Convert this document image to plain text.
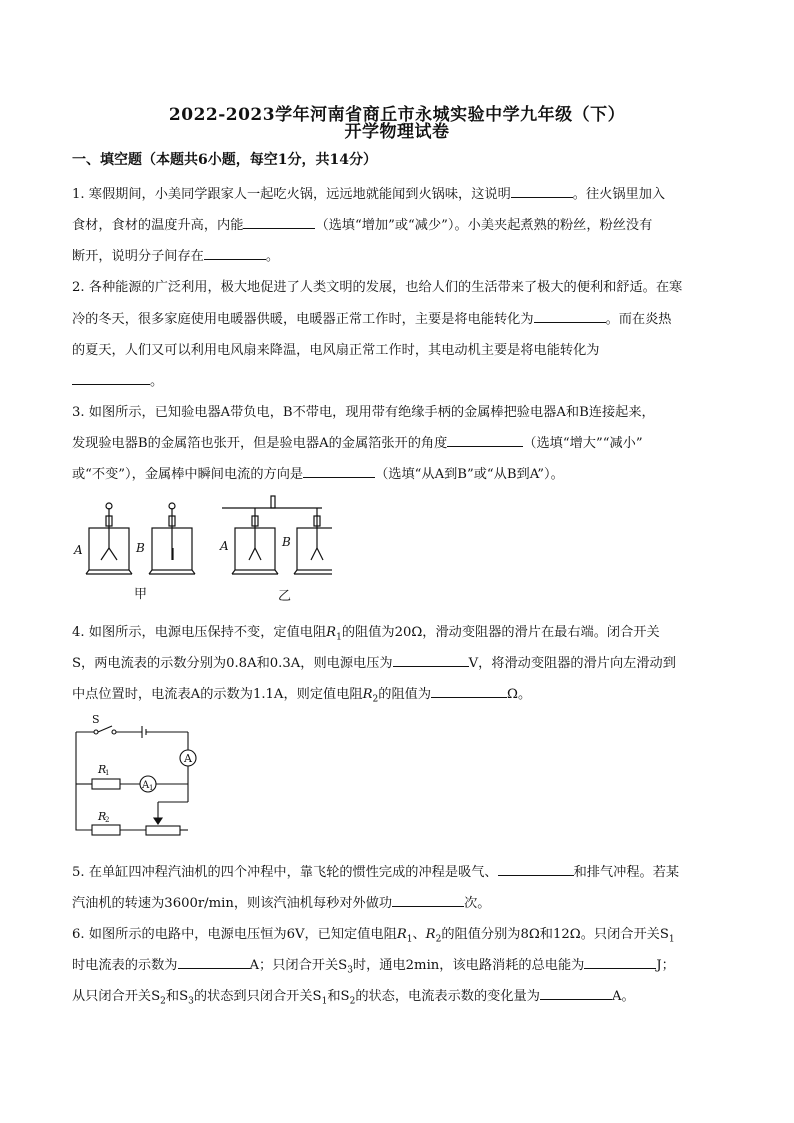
2022-2023学年河南省商丘市永城实验中学九年级（下）
开学物理试卷
一、填空题（本题共6小题，每空1分，共14分）
1. 寒假期间，小美同学跟家人一起吃火锅，远远地就能闻到火锅味，这说明	。往火锅里加入
食材，食材的温度升高，内能	（选填“增加”或“减少”）。小美夹起煮熟的粉丝，粉丝没有
断开，说明分子间存在	。
2. 各种能源的广泛利用，极大地促进了人类文明的发展，也给人们的生活带来了极大的便利和舒适。在寒
冷的冬天，很多家庭使用电暖器供暖，电暖器正常工作时，主要是将电能转化为	。而在炎热
的夏天，人们又可以利用电风扇来降温，电风扇正常工作时，其电动机主要是将电能转化为
。
3. 如图所示，已知验电器A带负电，B不带电，现用带有绝缘手柄的金属棒把验电器A和B连接起来，
发现验电器B的金属箔也张开，但是验电器A的金属箔张开的角度	（选填“增大”“减小”
或“不变”），金属棒中瞬间电流的方向是	（选填“从A到B”或“从B到A”）。
A	B	A	B
甲	乙
4. 如图所示，电源电压保持不变，定值电阻$R_1$的阻值为20Ω，滑动变阻器的滑片在最右端。闭合开关
S，两电流表的示数分别为0.8A和0.3A，则电源电压为	V，将滑动变阻器的滑片向左滑动到
中点位置时，电流表A的示数为1.1A，则定值电阻$R_2$的阻值为	Ω。
S
A
A 1
R
1
R
2
5. 在单缸四冲程汽油机的四个冲程中，靠飞轮的惯性完成的冲程是吸气、	和排气冲程。若某
汽油机的转速为3600r/min，则该汽油机每秒对外做功	次。
6. 如图所示的电路中，电源电压恒为6V，已知定值电阻$R_1$、$R_2$的阻值分别为8Ω和12Ω。只闭合开关$S_1$
时电流表的示数为	A；只闭合开关$S_3$时，通电2min，该电路消耗的总电能为	J；
从只闭合开关$S_2$和$S_3$的状态到只闭合开关$S_1$和$S_2$的状态，电流表示数的变化量为	A。
